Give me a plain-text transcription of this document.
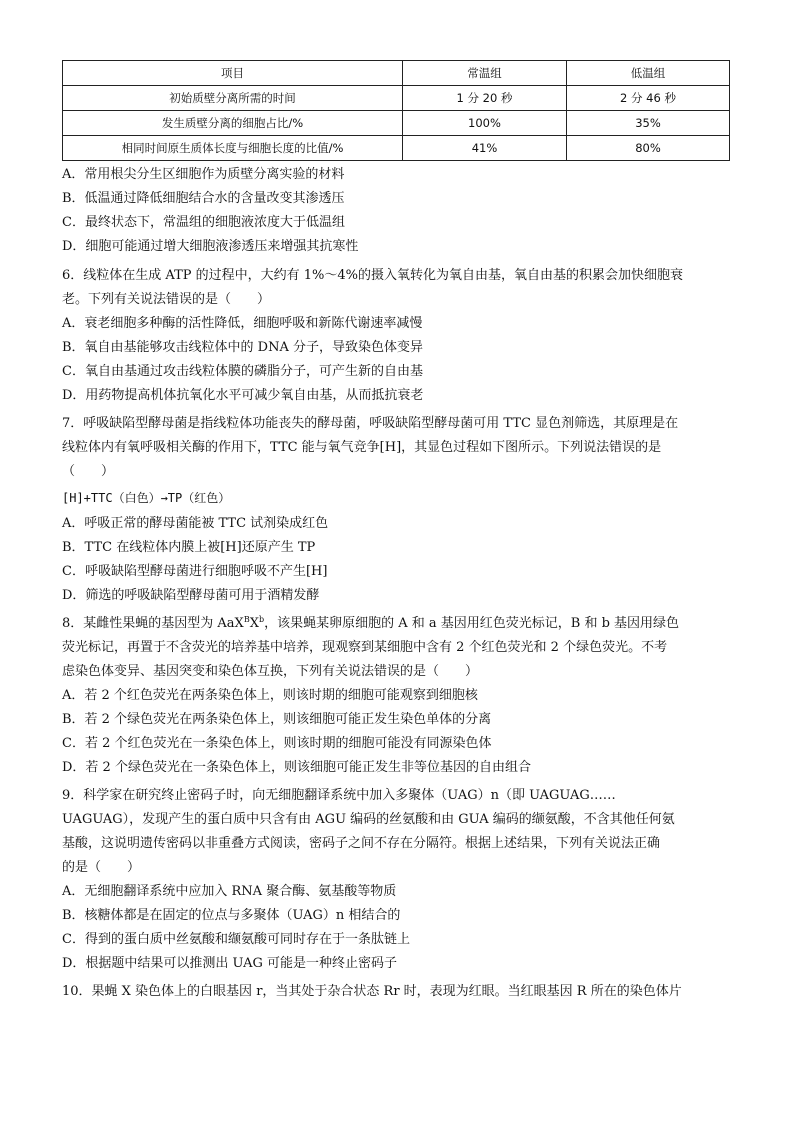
项目	常温组	低温组
初始质壁分离所需的时间	1 分 20 秒	2 分 46 秒
发生质壁分离的细胞占比/%	100%	35%
相同时间原生质体长度与细胞长度的比值/%	41%	80%
A．常用根尖分生区细胞作为质壁分离实验的材料
B．低温通过降低细胞结合水的含量改变其渗透压
C．最终状态下，常温组的细胞液浓度大于低温组
D．细胞可能通过增大细胞液渗透压来增强其抗寒性
6．线粒体在生成 ATP 的过程中，大约有 1%～4%的摄入氧转化为氧自由基，氧自由基的积累会加快细胞衰
老。下列有关说法错误的是（　　）
A．衰老细胞多种酶的活性降低，细胞呼吸和新陈代谢速率减慢
B．氧自由基能够攻击线粒体中的 DNA 分子，导致染色体变异
C．氧自由基通过攻击线粒体膜的磷脂分子，可产生新的自由基
D．用药物提高机体抗氧化水平可减少氧自由基，从而抵抗衰老
7．呼吸缺陷型酵母菌是指线粒体功能丧失的酵母菌，呼吸缺陷型酵母菌可用 TTC 显色剂筛选，其原理是在
线粒体内有氧呼吸相关酶的作用下，TTC 能与氧气竞争[H]，其显色过程如下图所示。下列说法错误的是
（　　）
[H]+TTC（白色）→TP（红色）
A．呼吸正常的酵母菌能被 TTC 试剂染成红色
B．TTC 在线粒体内膜上被[H]还原产生 TP
C．呼吸缺陷型酵母菌进行细胞呼吸不产生[H]
D．筛选的呼吸缺陷型酵母菌可用于酒精发酵
8．某雌性果蝇的基因型为 $AaX^BX^b$，该果蝇某卵原细胞的 A 和 a 基因用红色荧光标记，B 和 b 基因用绿色
荧光标记，再置于不含荧光的培养基中培养，现观察到某细胞中含有 2 个红色荧光和 2 个绿色荧光。不考
虑染色体变异、基因突变和染色体互换，下列有关说法错误的是（　　）
A．若 2 个红色荧光在两条染色体上，则该时期的细胞可能观察到细胞核
B．若 2 个绿色荧光在两条染色体上，则该细胞可能正发生染色单体的分离
C．若 2 个红色荧光在一条染色体上，则该时期的细胞可能没有同源染色体
D．若 2 个绿色荧光在一条染色体上，则该细胞可能正发生非等位基因的自由组合
9．科学家在研究终止密码子时，向无细胞翻译系统中加入多聚体（UAG）n（即 UAGUAG……
UAGUAG），发现产生的蛋白质中只含有由 AGU 编码的丝氨酸和由 GUA 编码的缬氨酸，不含其他任何氨
基酸，这说明遗传密码以非重叠方式阅读，密码子之间不存在分隔符。根据上述结果，下列有关说法正确
的是（　　）
A．无细胞翻译系统中应加入 RNA 聚合酶、氨基酸等物质
B．核糖体都是在固定的位点与多聚体（UAG）n 相结合的
C．得到的蛋白质中丝氨酸和缬氨酸可同时存在于一条肽链上
D．根据题中结果可以推测出 UAG 可能是一种终止密码子
10．果蝇 X 染色体上的白眼基因 r，当其处于杂合状态 Rr 时，表现为红眼。当红眼基因 R 所在的染色体片
